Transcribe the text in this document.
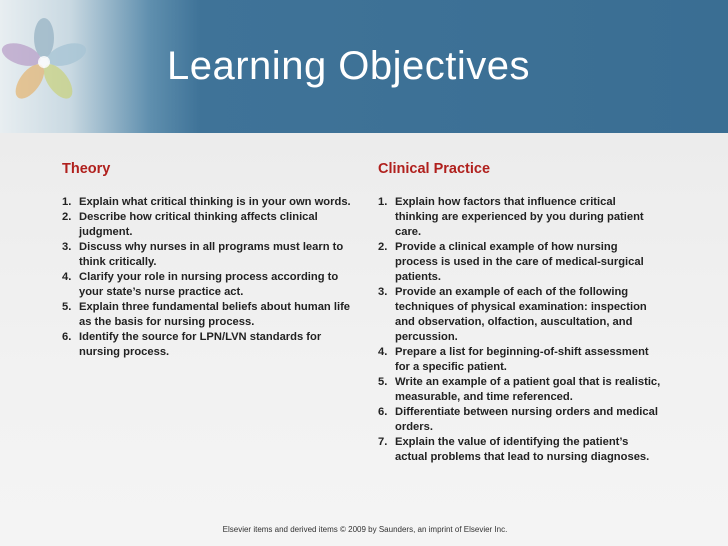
Learning Objectives
Theory
1. Explain what critical thinking is in your own words.
2. Describe how critical thinking affects clinical judgment.
3. Discuss why nurses in all programs must learn to think critically.
4. Clarify your role in nursing process according to your state’s nurse practice act.
5. Explain three fundamental beliefs about human life as the basis for nursing process.
6. Identify the source for LPN/LVN standards for nursing process.
Clinical Practice
1. Explain how factors that influence critical thinking are experienced by you during patient care.
2. Provide a clinical example of how nursing process is used in the care of medical-surgical patients.
3. Provide an example of each of the following techniques of physical examination: inspection and observation, olfaction, auscultation, and percussion.
4. Prepare a list for beginning-of-shift assessment for a specific patient.
5. Write an example of a patient goal that is realistic, measurable, and time referenced.
6. Differentiate between nursing orders and medical orders.
7. Explain the value of identifying the patient’s actual problems that lead to nursing diagnoses.
Elsevier items and derived items © 2009 by Saunders, an imprint of Elsevier Inc.
